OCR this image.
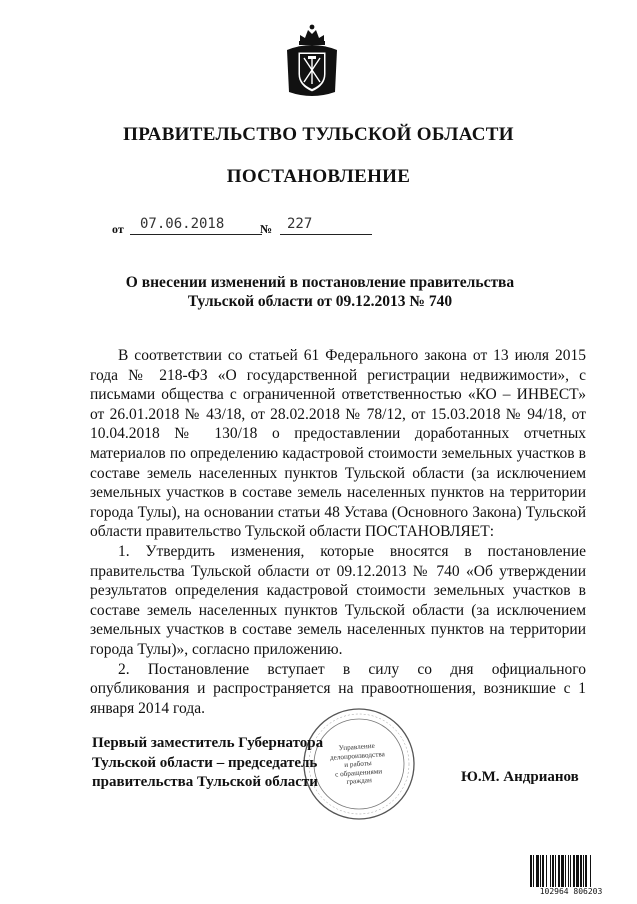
ПРАВИТЕЛЬСТВО ТУЛЬСКОЙ ОБЛАСТИ
ПОСТАНОВЛЕНИЕ
от 07.06.2018	№ 227
О внесении изменений в постановление правительства
Тульской области от 09.12.2013 № 740

В соответствии со статьей 61 Федерального закона от 13 июля 2015 года № 218-ФЗ «О государственной регистрации недвижимости», с письмами общества с ограниченной ответственностью «КО – ИНВЕСТ» от 26.01.2018 № 43/18, от 28.02.2018 № 78/12, от 15.03.2018 № 94/18, от 10.04.2018 № 130/18 о предоставлении доработанных отчетных материалов по определению кадастровой стоимости земельных участков в составе земель населенных пунктов Тульской области (за исключением земельных участков в составе земель населенных пунктов на территории города Тулы), на основании статьи 48 Устава (Основного Закона) Тульской области правительство Тульской области ПОСТАНОВЛЯЕТ:

1. Утвердить изменения, которые вносятся в постановление правительства Тульской области от 09.12.2013 № 740 «Об утверждении результатов определения кадастровой стоимости земельных участков в составе земель населенных пунктов Тульской области (за исключением земельных участков в составе земель населенных пунктов на территории города Тулы)», согласно приложению.

2. Постановление вступает в силу со дня официального опубликования и распространяется на правоотношения, возникшие с 1 января 2014 года.

Управление
делопроизводства
и работы
с обращениями
граждан
Первый заместитель Губернатора
Тульской области – председатель
правительства Тульской области	Ю.М. Андрианов
102964 806203
